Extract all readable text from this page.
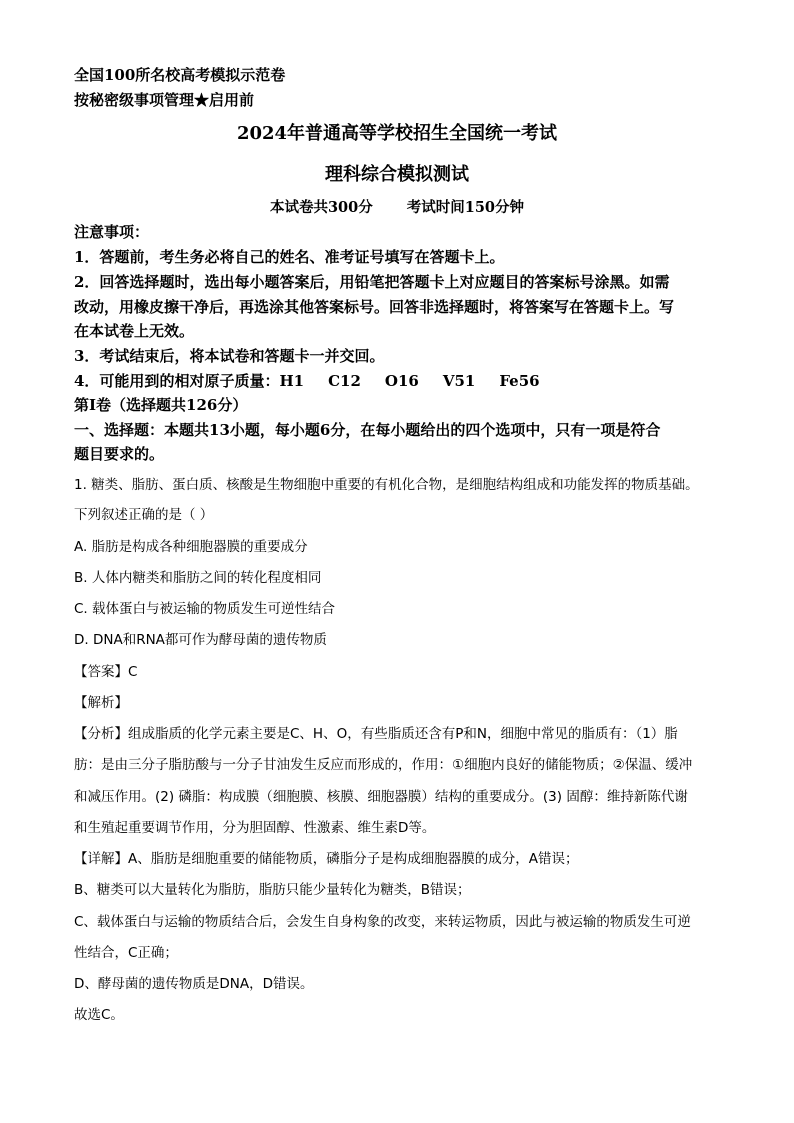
全国100所名校高考模拟示范卷
按秘密级事项管理★启用前
2024年普通高等学校招生全国统一考试
理科综合模拟测试
本试卷共300分 考试时间150分钟
注意事项：
1．答题前，考生务必将自己的姓名、准考证号填写在答题卡上。
2．回答选择题时，选出每小题答案后，用铅笔把答题卡上对应题目的答案标号涂黑。如需
改动，用橡皮擦干净后，再选涂其他答案标号。回答非选择题时，将答案写在答题卡上。写
在本试卷上无效。
3．考试结束后，将本试卷和答题卡一并交回。
4．可能用到的相对原子质量：H1 C12 O16 V51 Fe56
第Ⅰ卷（选择题共126分）
一、选择题：本题共13小题，每小题6分，在每小题给出的四个选项中，只有一项是符合
题目要求的。
1. 糖类、脂肪、蛋白质、核酸是生物细胞中重要的有机化合物，是细胞结构组成和功能发挥的物质基础。
下列叙述正确的是（ ）
A. 脂肪是构成各种细胞器膜的重要成分
B. 人体内糖类和脂肪之间的转化程度相同
C. 载体蛋白与被运输的物质发生可逆性结合
D. DNA和RNA都可作为酵母菌的遗传物质
【答案】C
【解析】
【分析】组成脂质的化学元素主要是C、H、O，有些脂质还含有P和N，细胞中常见的脂质有：（1）脂
肪：是由三分子脂肪酸与一分子甘油发生反应而形成的，作用：①细胞内良好的储能物质；②保温、缓冲
和减压作用。(2) 磷脂：构成膜（细胞膜、核膜、细胞器膜）结构的重要成分。(3) 固醇：维持新陈代谢
和生殖起重要调节作用，分为胆固醇、性激素、维生素D等。
【详解】A、脂肪是细胞重要的储能物质，磷脂分子是构成细胞器膜的成分，A错误；
B、糖类可以大量转化为脂肪，脂肪只能少量转化为糖类，B错误；
C、载体蛋白与运输的物质结合后，会发生自身构象的改变，来转运物质，因此与被运输的物质发生可逆
性结合，C正确；
D、酵母菌的遗传物质是DNA，D错误。
故选C。
